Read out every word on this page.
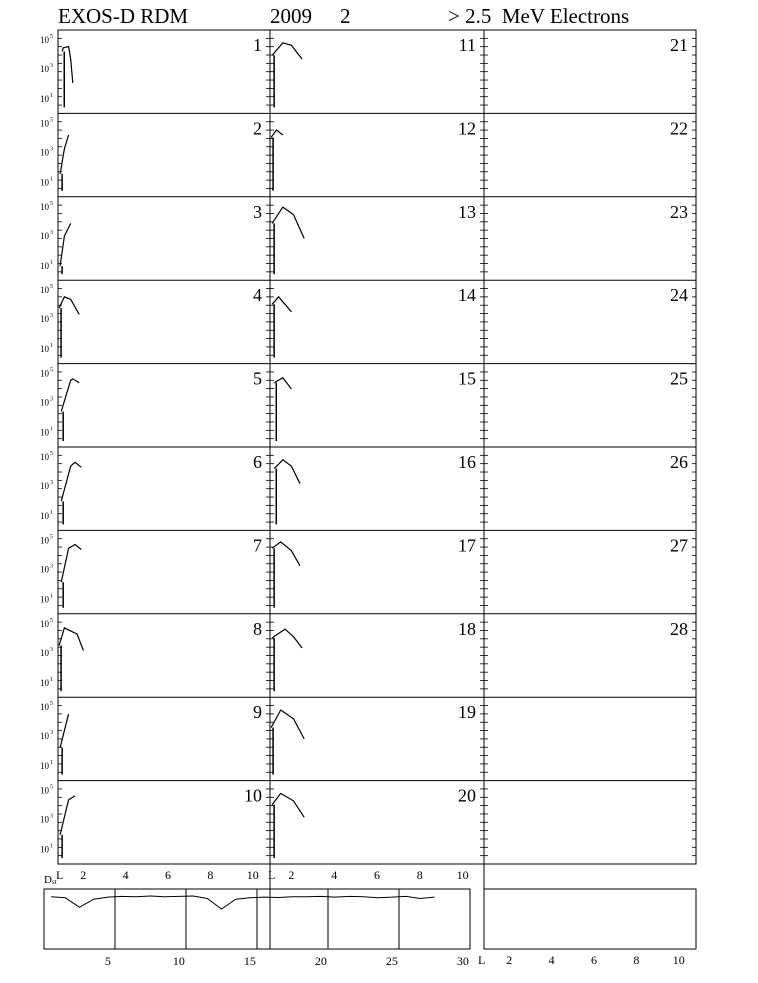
EXOS-D RDM	2009 2	> 2.5  MeV Electrons
1
2
3
4
5
6
7
8
9
10
11
12
13
14
15
16
17
18
19
20
21
22
23
24
25
26
27
28
10 5
10 3
10 1
10 5
10 3
10 1
10 5
10 3
10 1
10 5
10 3
10 1
10 5
10 3
10 1
10 5
10 3
10 1
10 5
10 3
10 1
10 5
10 3
10 1
10 5
10 3
10 1
10 5
10 3
10 1
L 2	4	6	8	10 L 2	4	6	8	10
D st
5	10	15	20	25	30 L 2	4	6	8	10
